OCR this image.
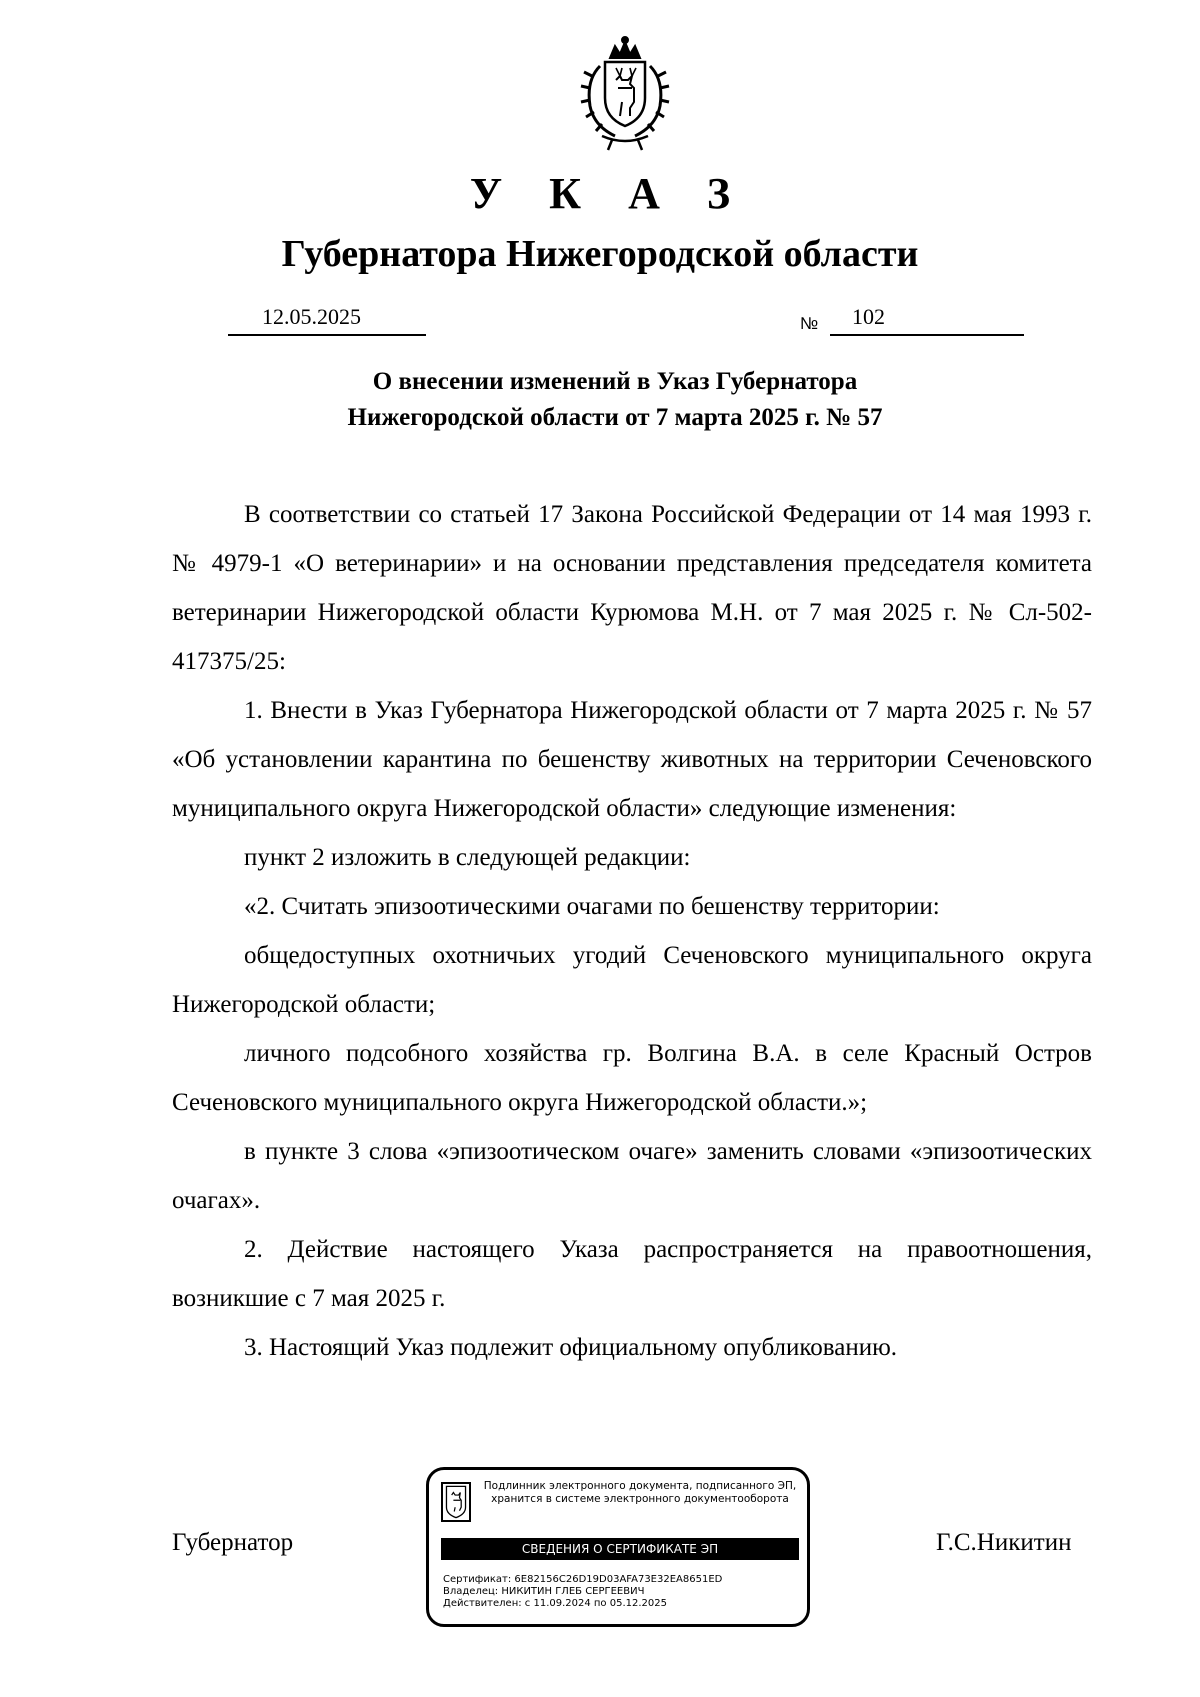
У К А З
Губернатора Нижегородской области
12.05.2025	№ 102
О внесении изменений в Указ Губернатора
Нижегородской области от 7 марта 2025 г. № 57

В соответствии со статьей 17 Закона Российской Федерации от 14 мая 1993 г. № 4979-1 «О ветеринарии» и на основании представления председателя комитета ветеринарии Нижегородской области Курюмова М.Н. от 7 мая 2025 г. № Сл-502- 417375/25:

1. Внести в Указ Губернатора Нижегородской области от 7 марта 2025 г. № 57 «Об установлении карантина по бешенству животных на территории Сеченовского муниципального округа Нижегородской области» следующие изменения:

пункт 2 изложить в следующей редакции:

«2. Считать эпизоотическими очагами по бешенству территории:

общедоступных охотничьих угодий Сеченовского муниципального округа Нижегородской области;

личного подсобного хозяйства гр. Волгина В.А. в селе Красный Остров Сеченовского муниципального округа Нижегородской области.»;

в пункте 3 слова «эпизоотическом очаге» заменить словами «эпизоотических очагах».

2. Действие настоящего Указа распространяется на правоотношения, возникшие с 7 мая 2025 г.

3. Настоящий Указ подлежит официальному опубликованию.

Губернатор
Подлинник электронного документа, подписанного ЭП,
хранится в системе электронного документооборота
СВЕДЕНИЯ О СЕРТИФИКАТЕ ЭП
Сертификат: 6E82156C26D19D03AFA73E32EA8651ED
Владелец: НИКИТИН ГЛЕБ СЕРГЕЕВИЧ
Действителен: с 11.09.2024 по 05.12.2025
Г.С.Никитин
